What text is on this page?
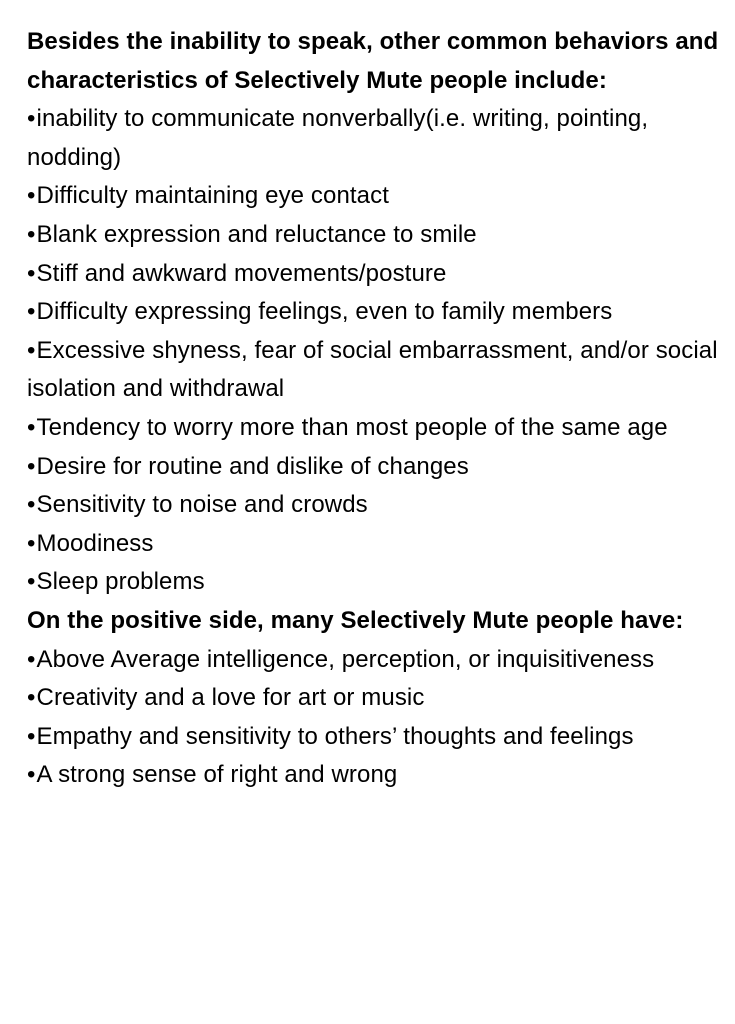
Besides the inability to speak, other common behaviors and characteristics of Selectively Mute people include:

•inability to communicate nonverbally(i.e. writing, pointing, nodding)

•Difficulty maintaining eye contact

•Blank expression and reluctance to smile

•Stiff and awkward movements/posture

•Difficulty expressing feelings, even to family members

•Excessive shyness, fear of social embarrassment, and/or social isolation and withdrawal

•Tendency to worry more than most people of the same age

•Desire for routine and dislike of changes

•Sensitivity to noise and crowds

•Moodiness

•Sleep problems

On the positive side, many Selectively Mute people have:

•Above Average intelligence, perception, or inquisitiveness

•Creativity and a love for art or music

•Empathy and sensitivity to others’ thoughts and feelings

•A strong sense of right and wrong
